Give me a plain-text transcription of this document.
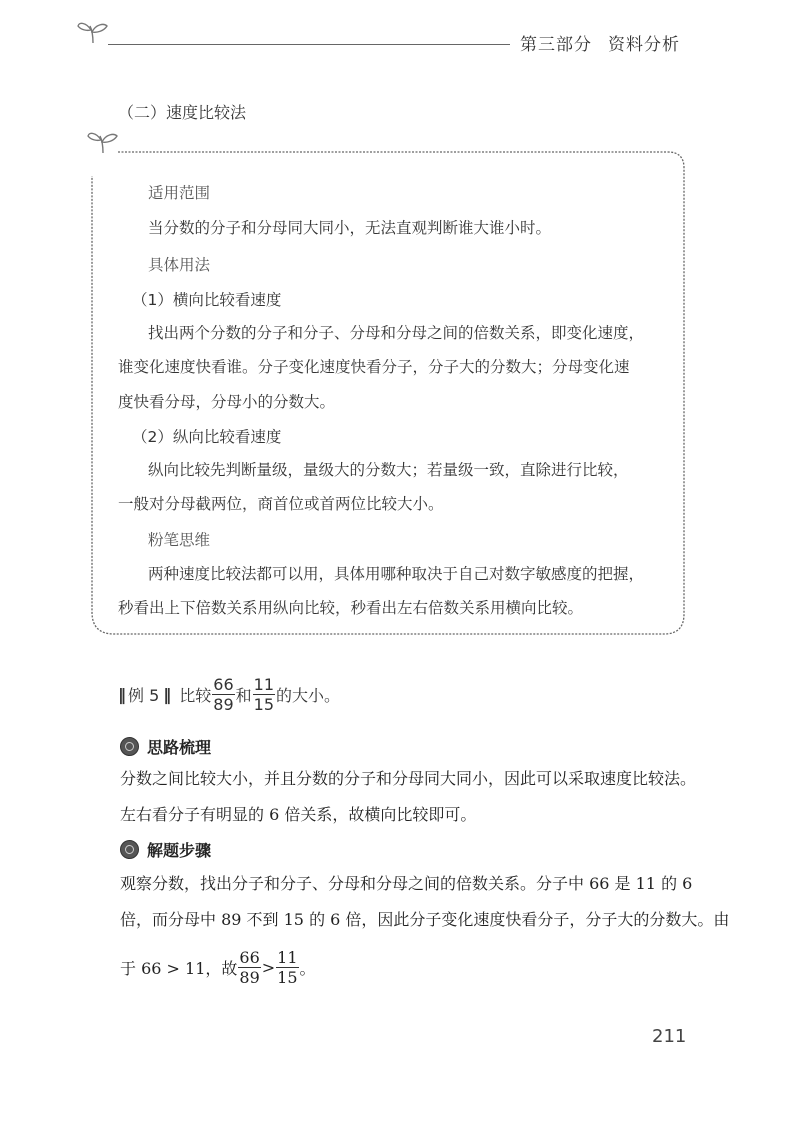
第三部分 资料分析
（二）速度比较法
适用范围
当分数的分子和分母同大同小，无法直观判断谁大谁小时。
具体用法
（1）横向比较看速度
找出两个分数的分子和分子、分母和分母之间的倍数关系，即变化速度，
谁变化速度快看谁。分子变化速度快看分子，分子大的分数大；分母变化速
度快看分母，分母小的分数大。
（2）纵向比较看速度
纵向比较先判断量级，量级大的分数大；若量级一致，直除进行比较，
一般对分母截两位，商首位或首两位比较大小。
粉笔思维
两种速度比较法都可以用，具体用哪种取决于自己对数字敏感度的把握，
秒看出上下倍数关系用纵向比较，秒看出左右倍数关系用横向比较。
‖ 例 5 ‖ 比较 $\frac{66}{89}$ 和 $\frac{11}{15}$ 的大小。
思路梳理
分数之间比较大小，并且分数的分子和分母同大同小，因此可以采取速度比较法。
左右看分子有明显的 6 倍关系，故横向比较即可。
解题步骤
观察分数，找出分子和分子、分母和分母之间的倍数关系。分子中 66 是 11 的 6
倍，而分母中 89 不到 15 的 6 倍，因此分子变化速度快看分子，分子大的分数大。由
于 66 > 11，故 $\frac{66}{89} > \frac{11}{15}$ 。
211
